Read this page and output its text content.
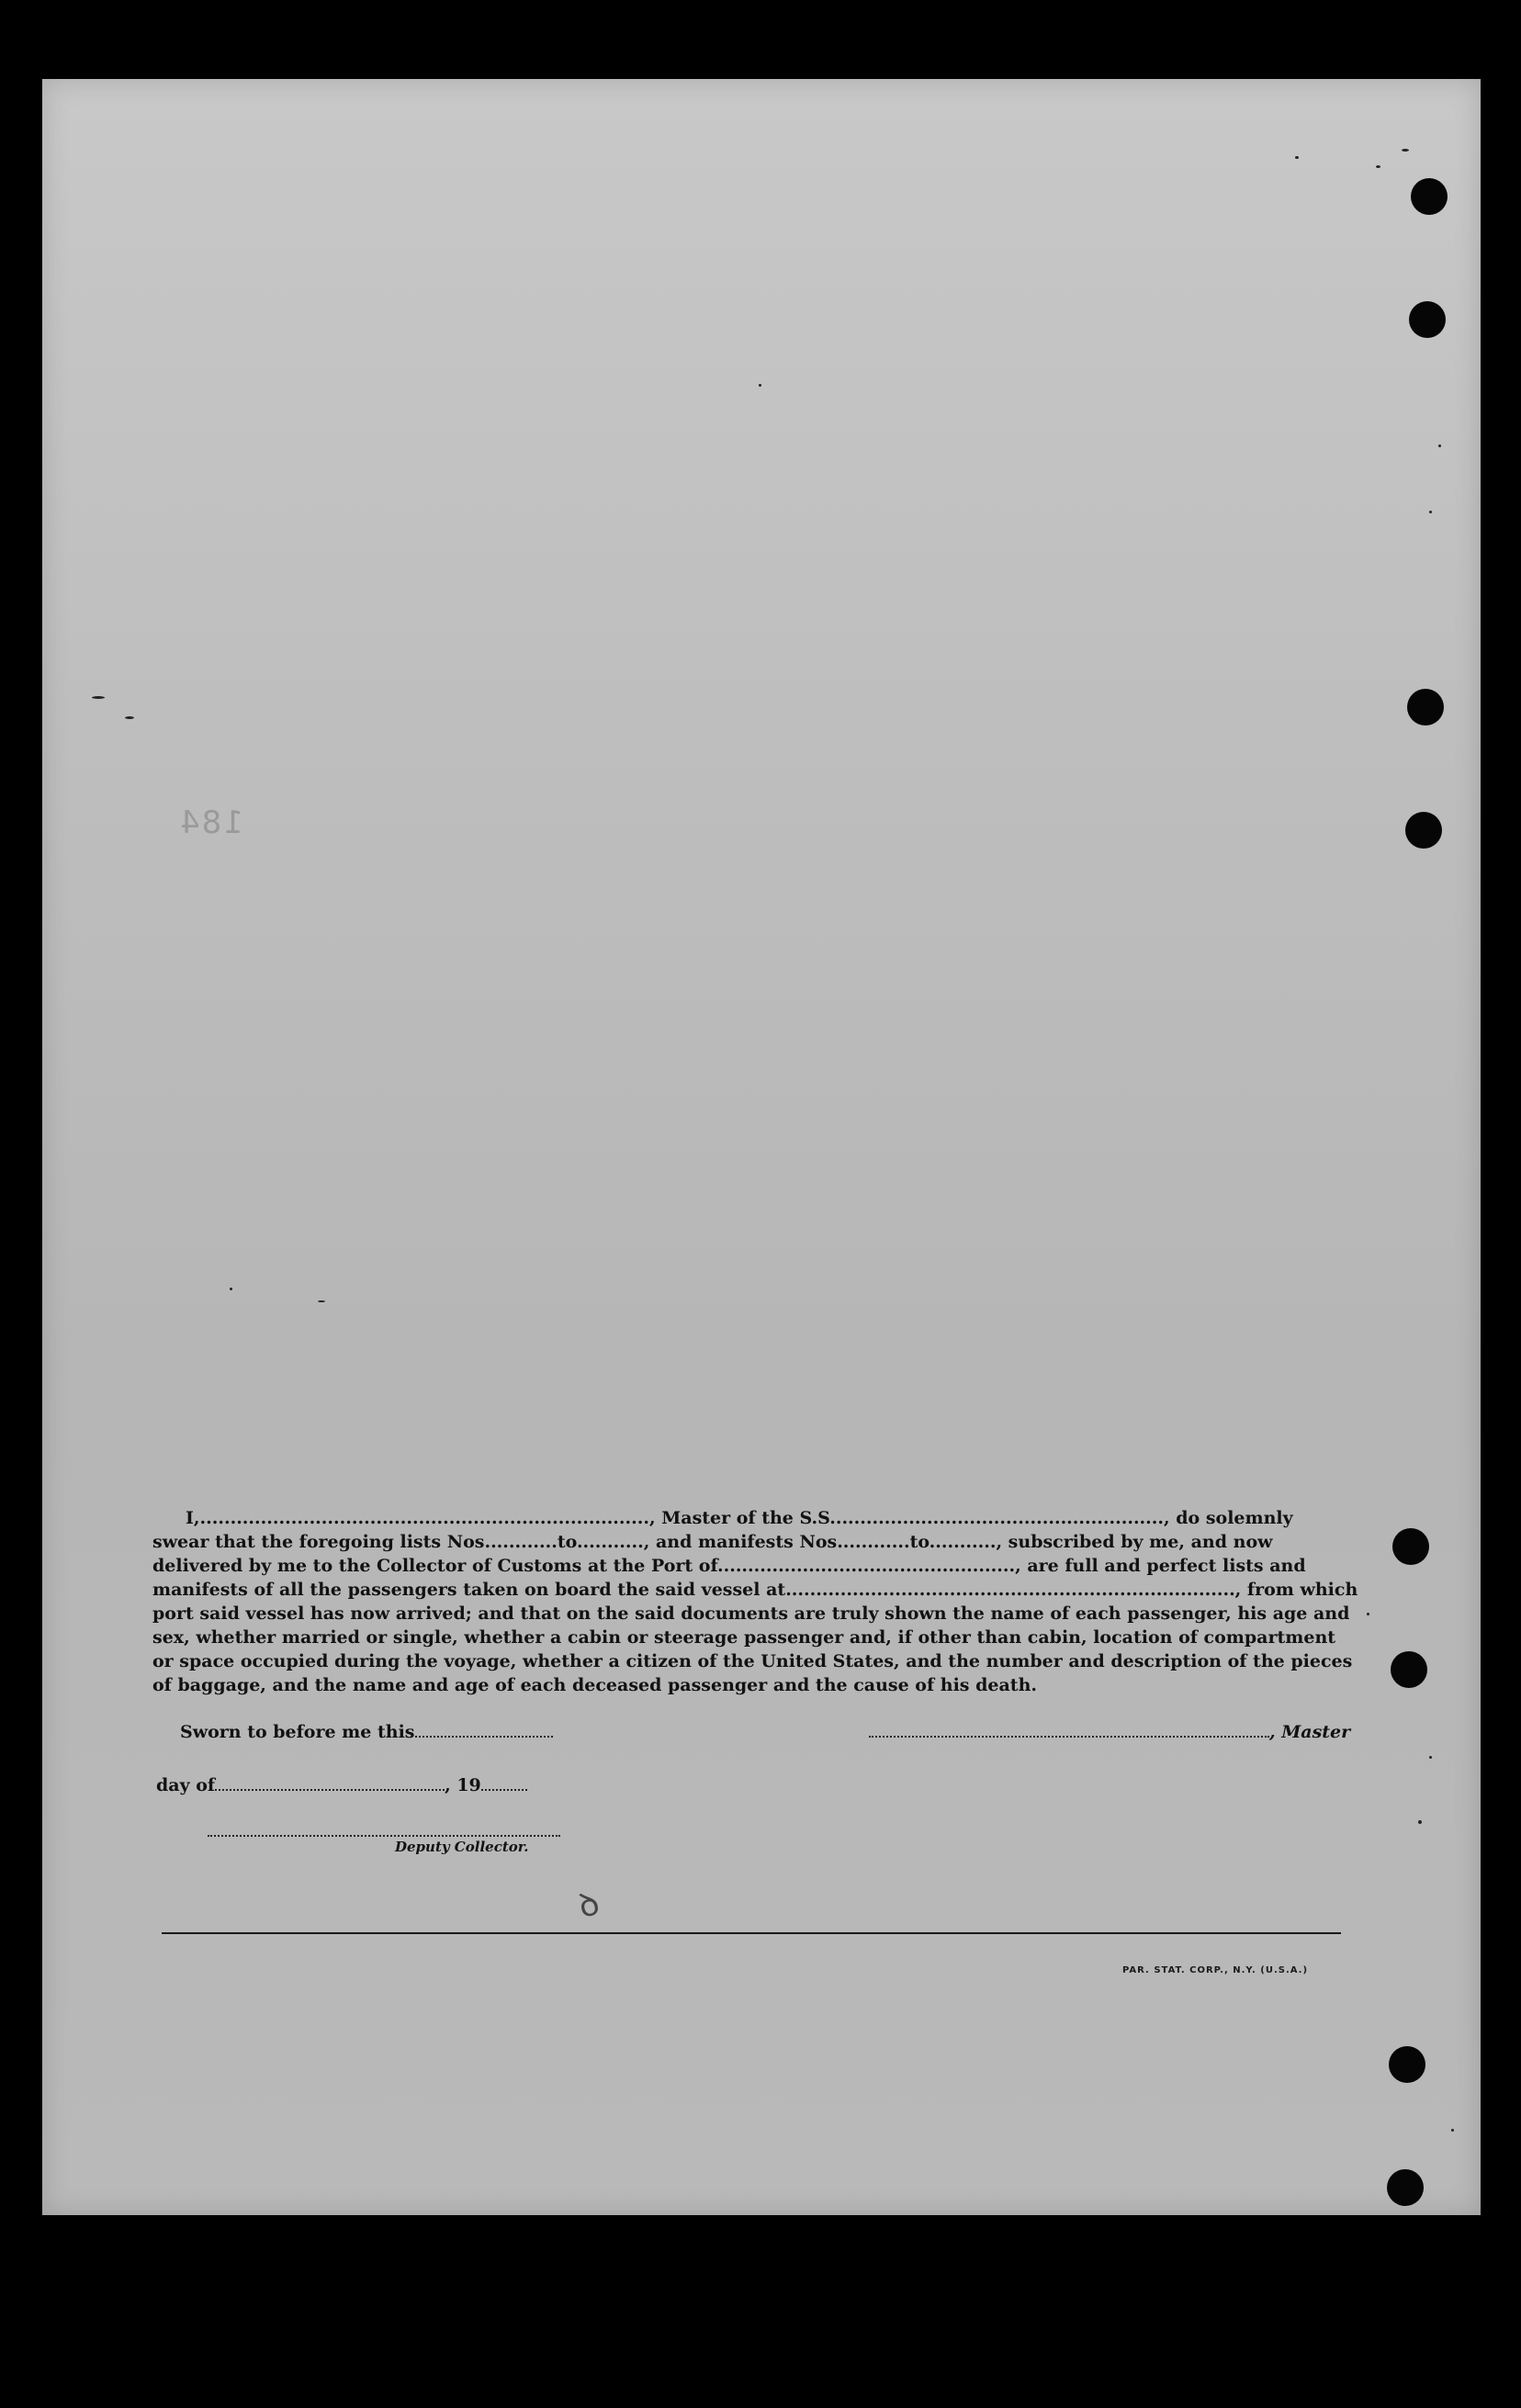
184
I,.........................................................................., Master of the S.S......................................................., do solemnly
swear that the foregoing lists Nos............to..........., and manifests Nos............to..........., subscribed by me, and now
delivered by me to the Collector of Customs at the Port of................................................., are full and perfect lists and
manifests of all the passengers taken on board the said vessel at.........................................................................., from which
port said vessel has now arrived; and that on the said documents are truly shown the name of each passenger, his age and
sex, whether married or single, whether a cabin or steerage passenger and, if other than cabin, location of compartment
or space occupied during the voyage, whether a citizen of the United States, and the number and description of the pieces
of baggage, and the name and age of each deceased passenger and the cause of his death.
Sworn to before me this	, Master
day of	, 19
Deputy Collector.
ꝺ
PAR. STAT. CORP., N.Y. (U.S.A.)
